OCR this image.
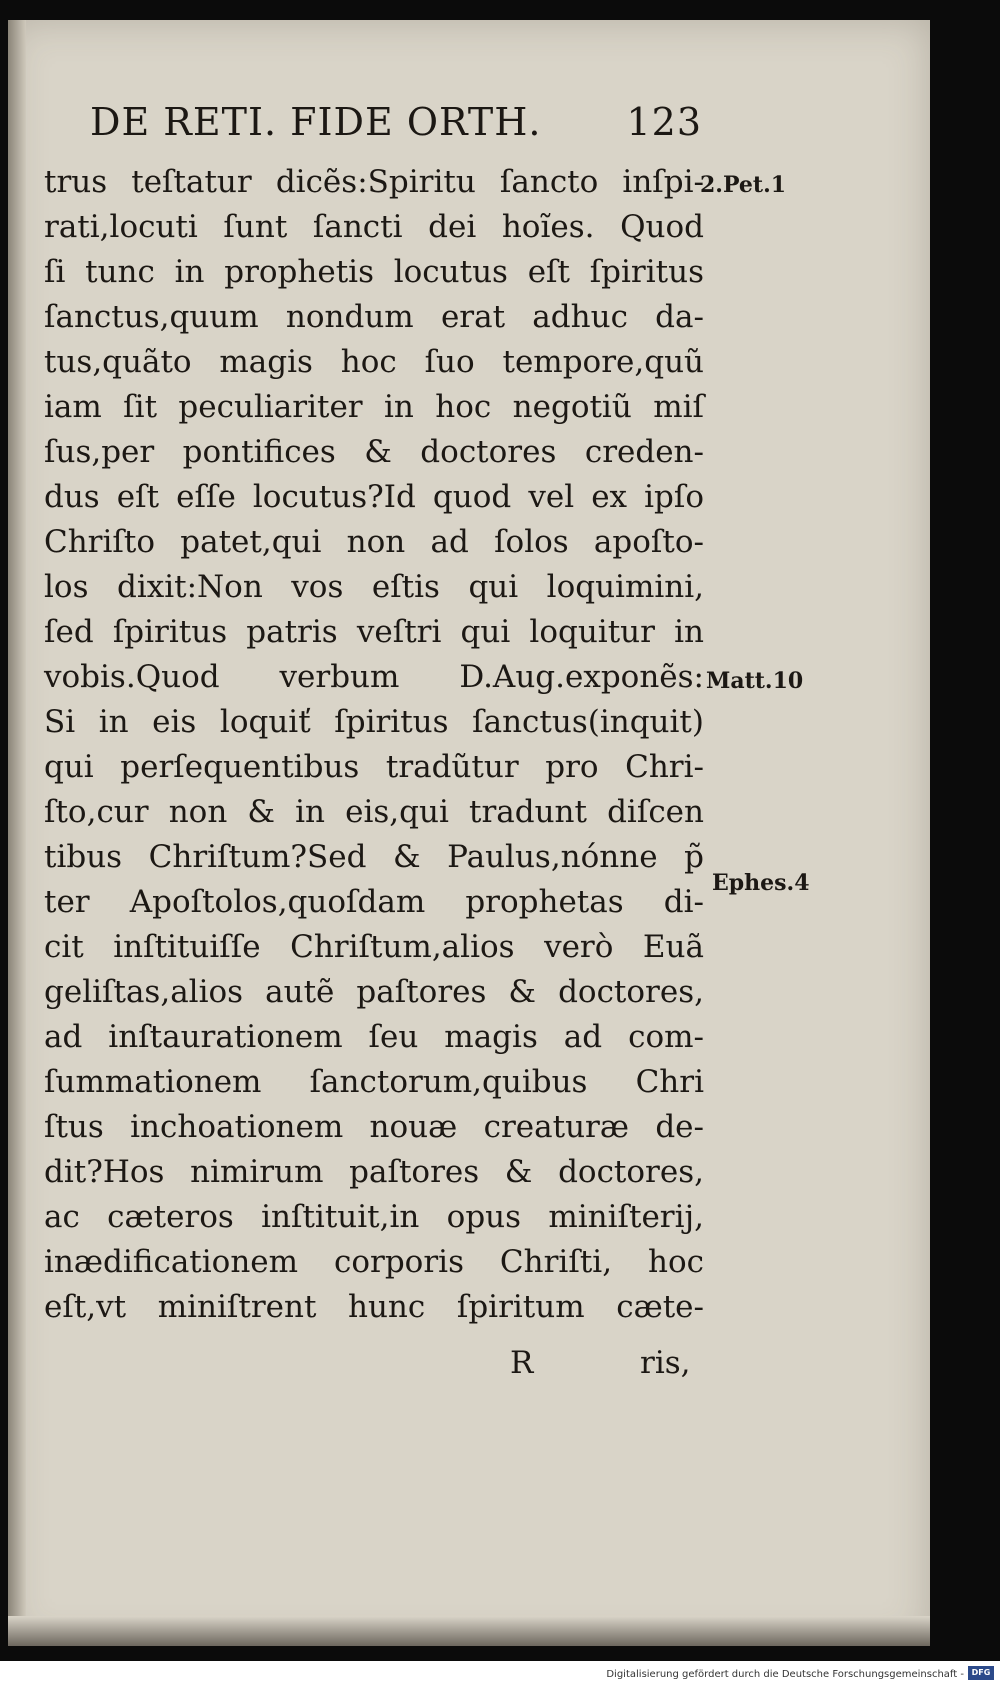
DE RETI. FIDE ORTH. 123
trus teſtatur dicẽs:Spiritu ſancto inſpi-
rati,locuti ſunt ſancti dei hoĩes. Quod
ſi tunc in prophetis locutus eſt ſpiritus
ſanctus,quum nondum erat adhuc da-
tus,quãto magis hoc ſuo tempore,quũ
iam ſit peculiariter in hoc negotiũ miſ
ſus,per pontifices & doctores creden-
dus eſt eſſe locutus?Id quod vel ex ipſo
Chriſto patet,qui non ad ſolos apoſto-
los dixit:Non vos eſtis qui loquimini,
ſed ſpiritus patris veſtri qui loquitur in
vobis.Quod verbum D.Aug.exponẽs:
Si in eis loquiť ſpiritus ſanctus(inquit)
qui perſequentibus tradũtur pro Chri-
ſto,cur non & in eis,qui tradunt diſcen
tibus Chriſtum?Sed & Paulus,nónne p̃
ter Apoſtolos,quoſdam prophetas di-
cit inſtituiſſe Chriſtum,alios verò Euã
geliſtas,alios autẽ paſtores & doctores,
ad inſtaurationem ſeu magis ad com-
ſummationem ſanctorum,quibus Chri
ſtus inchoationem nouæ creaturæ de-
dit?Hos nimirum paſtores & doctores,
ac cæteros inſtituit,in opus miniſterij,
inædificationem corporis Chriſti, hoc
eſt,vt miniſtrent hunc ſpiritum cæte-
2.Pet.1
Matt.10
Ephes.4
R	ris,
Digitalisierung gefördert durch die Deutsche Forschungsgemeinschaft - DFG
